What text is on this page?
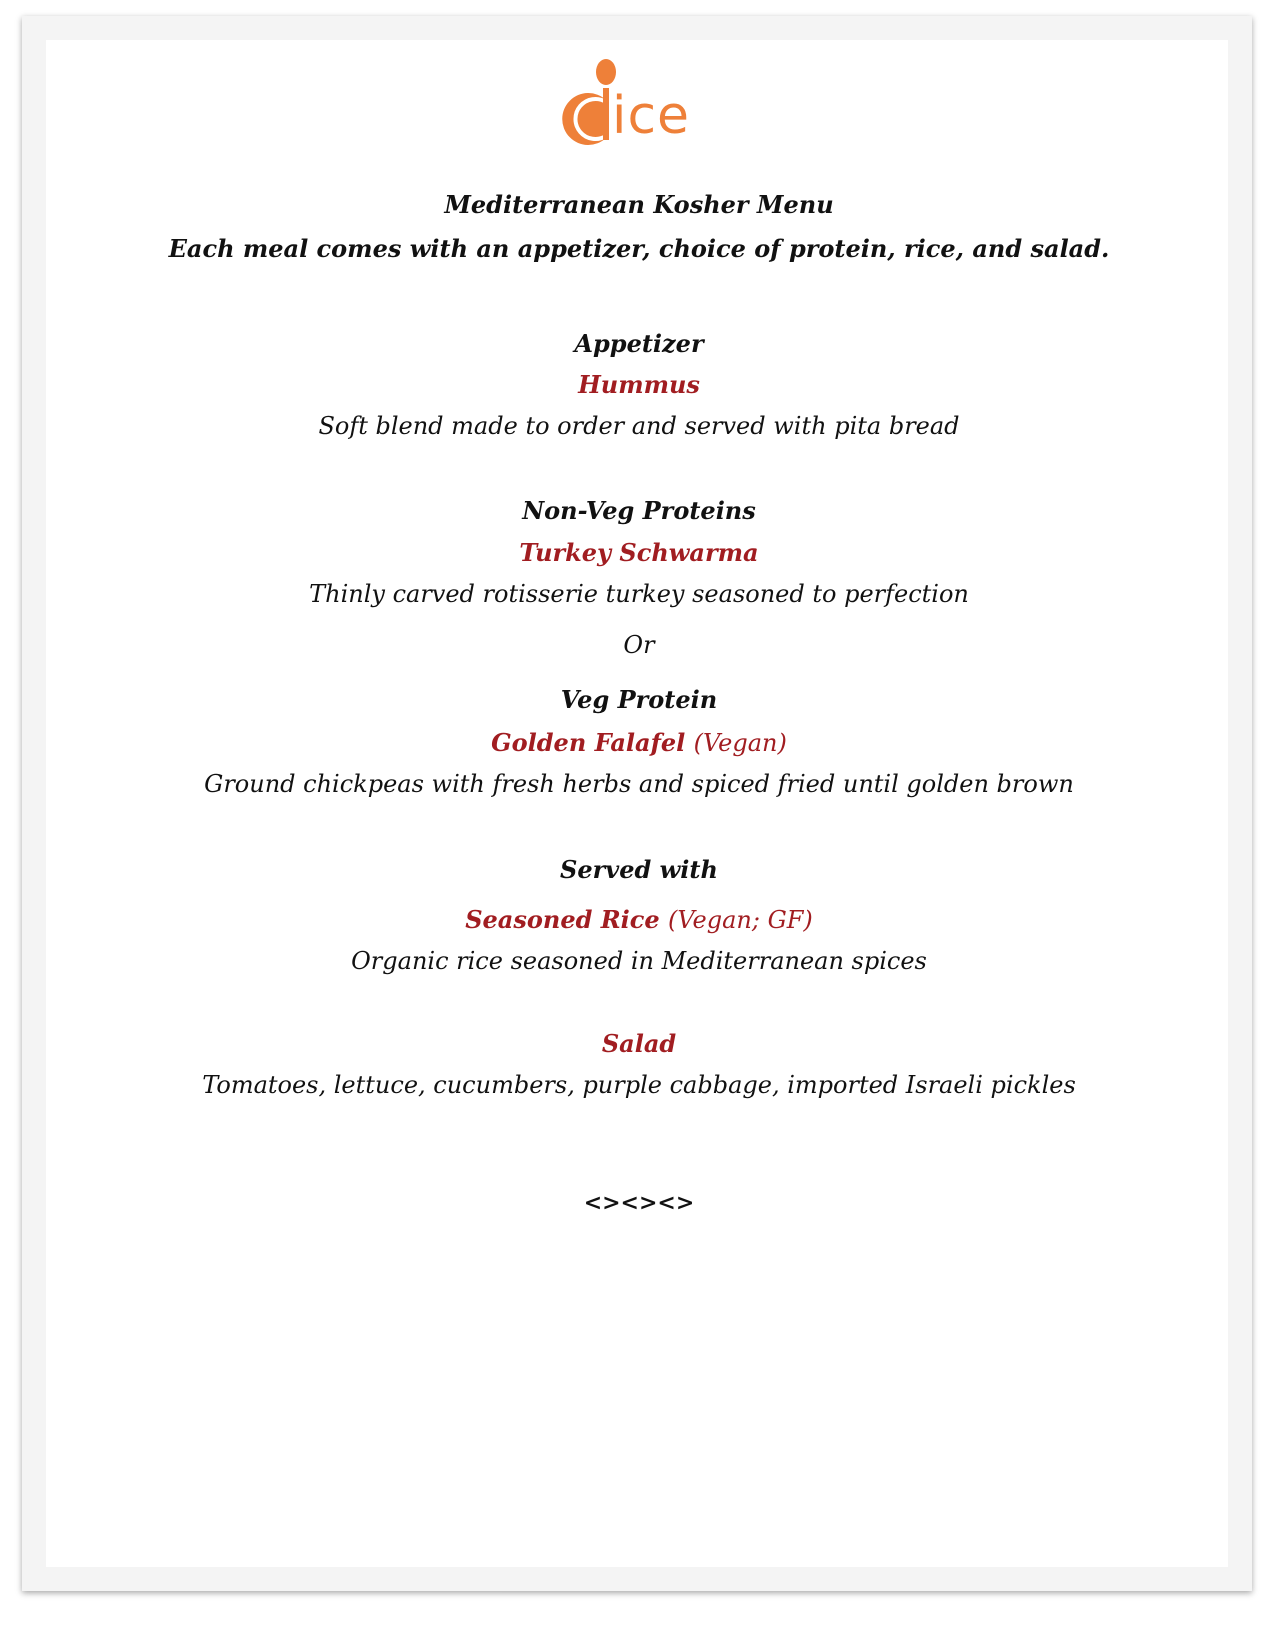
ice
Mediterranean Kosher Menu
Each meal comes with an appetizer, choice of protein, rice, and salad.
Appetizer
Hummus
Soft blend made to order and served with pita bread
Non-Veg Proteins
Turkey Schwarma
Thinly carved rotisserie turkey seasoned to perfection
Or
Veg Protein
Golden Falafel (Vegan)
Ground chickpeas with fresh herbs and spiced fried until golden brown
Served with
Seasoned Rice (Vegan; GF)
Organic rice seasoned in Mediterranean spices
Salad
Tomatoes, lettuce, cucumbers, purple cabbage, imported Israeli pickles
<><><>
